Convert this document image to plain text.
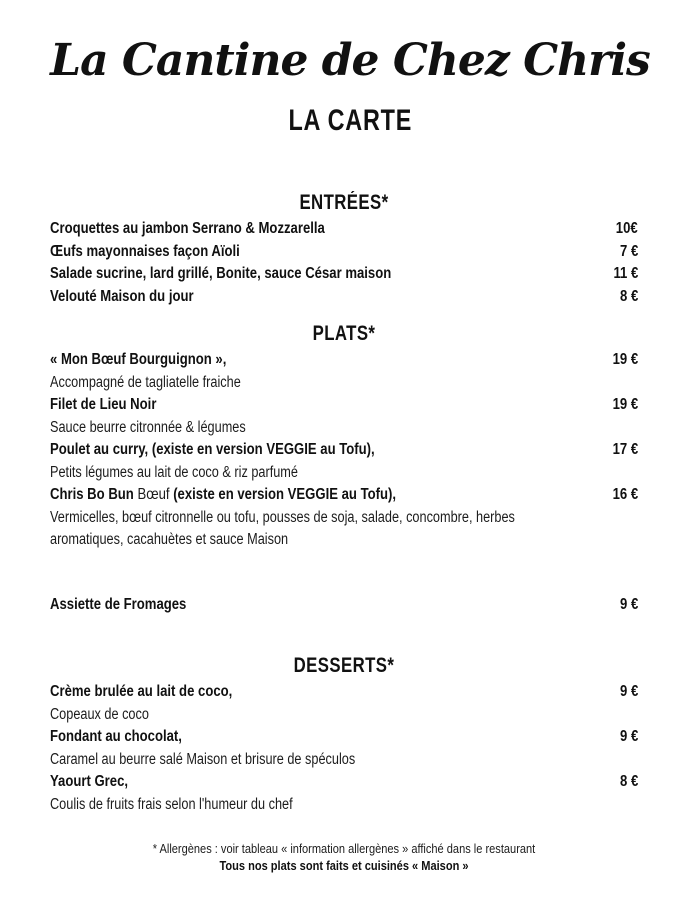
La Cantine de Chez Chris
LA CARTE
ENTRÉES*
Croquettes au jambon Serrano & Mozzarella	10€
Œufs mayonnaises façon Aïoli	7 €
Salade sucrine, lard grillé, Bonite, sauce César maison	11 €
Velouté Maison du jour	8 €
PLATS*
« Mon Bœuf Bourguignon »,	19 €
Accompagné de tagliatelle fraiche
Filet de Lieu Noir	19 €
Sauce beurre citronnée & légumes
Poulet au curry, (existe en version VEGGIE au Tofu),	17 €
Petits légumes au lait de coco & riz parfumé
Chris Bo Bun Bœuf (existe en version VEGGIE au Tofu),	16 €
Vermicelles, bœuf citronnelle ou tofu, pousses de soja, salade, concombre, herbes aromatiques, cacahuètes et sauce Maison
Assiette de Fromages	9 €
DESSERTS*
Crème brulée au lait de coco,	9 €
Copeaux de coco
Fondant au chocolat,	9 €
Caramel au beurre salé Maison et brisure de spéculos
Yaourt Grec,	8 €
Coulis de fruits frais selon l'humeur du chef
* Allergènes : voir tableau « information allergènes » affiché dans le restaurant
Tous nos plats sont faits et cuisinés « Maison »
